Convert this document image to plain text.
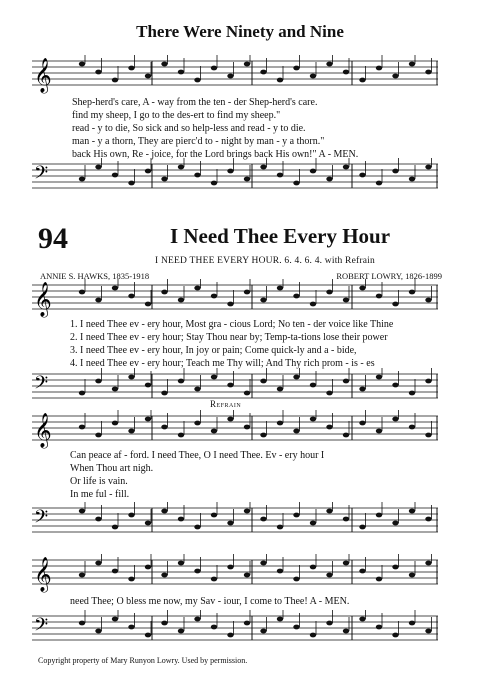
There Were Ninety and Nine
𝄞
Shep-herd's care, A - way from the ten - der Shep-herd's care.
find my sheep, I go to the des-ert to find my sheep."
read - y to die, So sick and so help-less and read - y to die.
man - y a thorn, They are pierc'd to - night by man - y a thorn."
back His own, Re - joice, for the Lord brings back His own!" A - MEN.
𝄢
94	I Need Thee Every Hour
I NEED THEE EVERY HOUR. 6. 4. 6. 4. with Refrain
ANNIE S. HAWKS, 1835-1918	ROBERT LOWRY, 1826-1899
𝄞
1. I need Thee ev - ery hour, Most gra - cious Lord; No ten - der voice like Thine
2. I need Thee ev - ery hour; Stay Thou near by; Temp-ta-tions lose their power
3. I need Thee ev - ery hour, In joy or pain; Come quick-ly and a - bide,
4. I need Thee ev - ery hour; Teach me Thy will; And Thy rich prom - is - es
𝄢
Refrain
𝄞
Can peace af - ford. I need Thee, O I need Thee. Ev - ery hour I
When Thou art nigh.
Or life is vain.
In me ful - fill.
𝄢
𝄞
need Thee; O bless me now, my Sav - iour, I come to Thee! A - MEN.
𝄢
Copyright property of Mary Runyon Lowry. Used by permission.
